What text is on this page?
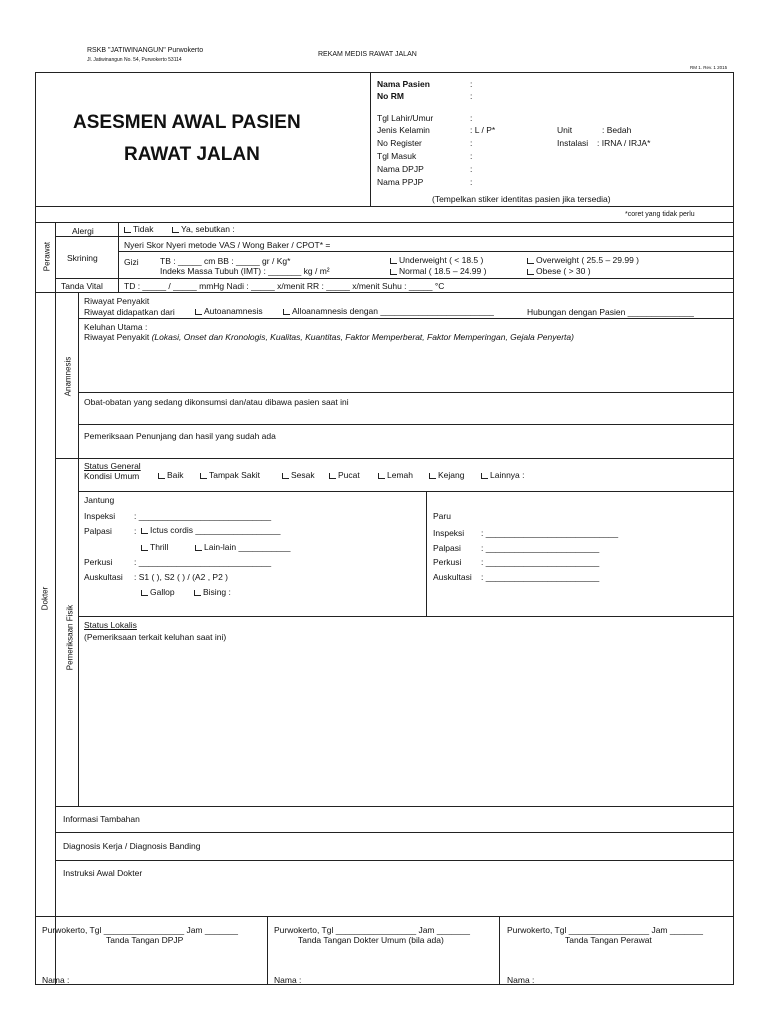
RSKB "JATIWINANGUN" Purwokerto
Jl. Jatiwinangun No. 54, Purwokerto 53114
REKAM MEDIS RAWAT JALAN
RM 1. Rev. 1 2015
ASESMEN AWAL PASIEN
RAWAT JALAN
Nama Pasien	:
No RM	:
Tgl Lahir/Umur	:
Jenis Kelamin	: L / P*
No Register	:
Tgl Masuk	:
Nama DPJP	:
Nama PPJP	:
Unit	: Bedah
Instalasi : IRNA / IRJA*
(Tempelkan stiker identitas pasien jika tersedia)
*coret yang tidak perlu
Perawat
Alergi	Tidak	Ya, sebutkan :
Skrining
Nyeri Skor Nyeri metode VAS / Wong Baker / CPOT* =
Gizi	TB : _____ cm BB : _____ gr / Kg*
Indeks Massa Tubuh (IMT) : _______ kg / m²
Underweight ( < 18.5 )
Normal ( 18.5 – 24.99 )
Overweight ( 25.5 – 29.99 )
Obese ( > 30 )
Tanda Vital TD : _____ / _____ mmHg Nadi : _____ x/menit RR : _____ x/menit Suhu : _____ °C
Dokter
Anamnesis
Pemeriksaan Fisik
Riwayat Penyakit
Riwayat didapatkan dari	Autoanamnesis	Alloanamnesis dengan ________________________	Hubungan dengan Pasien ______________
Keluhan Utama :
Riwayat Penyakit (Lokasi, Onset dan Kronologis, Kualitas, Kuantitas, Faktor Memperberat, Faktor Memperingan, Gejala Penyerta)
Obat-obatan yang sedang dikonsumsi dan/atau dibawa pasien saat ini
Pemeriksaan Penunjang dan hasil yang sudah ada
Status General
Kondisi Umum	Baik	Tampak Sakit	Sesak	Pucat	Lemah	Kejang	Lainnya :
Jantung
Inspeksi : ____________________________
Palpasi	:	Ictus cordis __________________
Thrill	Lain-lain ___________
Perkusi	: ____________________________
Auskultasi : S1 ( ), S2 ( ) / (A2 , P2 )
Gallop	Bising :
Paru
Inspeksi : ____________________________
Palpasi : ________________________
Perkusi : ________________________
Auskultasi : ________________________
Status Lokalis
(Pemeriksaan terkait keluhan saat ini)
Informasi Tambahan
Diagnosis Kerja / Diagnosis Banding
Instruksi Awal Dokter
Purwokerto, Tgl _________________ Jam _______
Tanda Tangan DPJP
Nama :
Purwokerto, Tgl _________________ Jam _______
Tanda Tangan Dokter Umum (bila ada)
Nama :
Purwokerto, Tgl _________________ Jam _______
Tanda Tangan Perawat
Nama :
